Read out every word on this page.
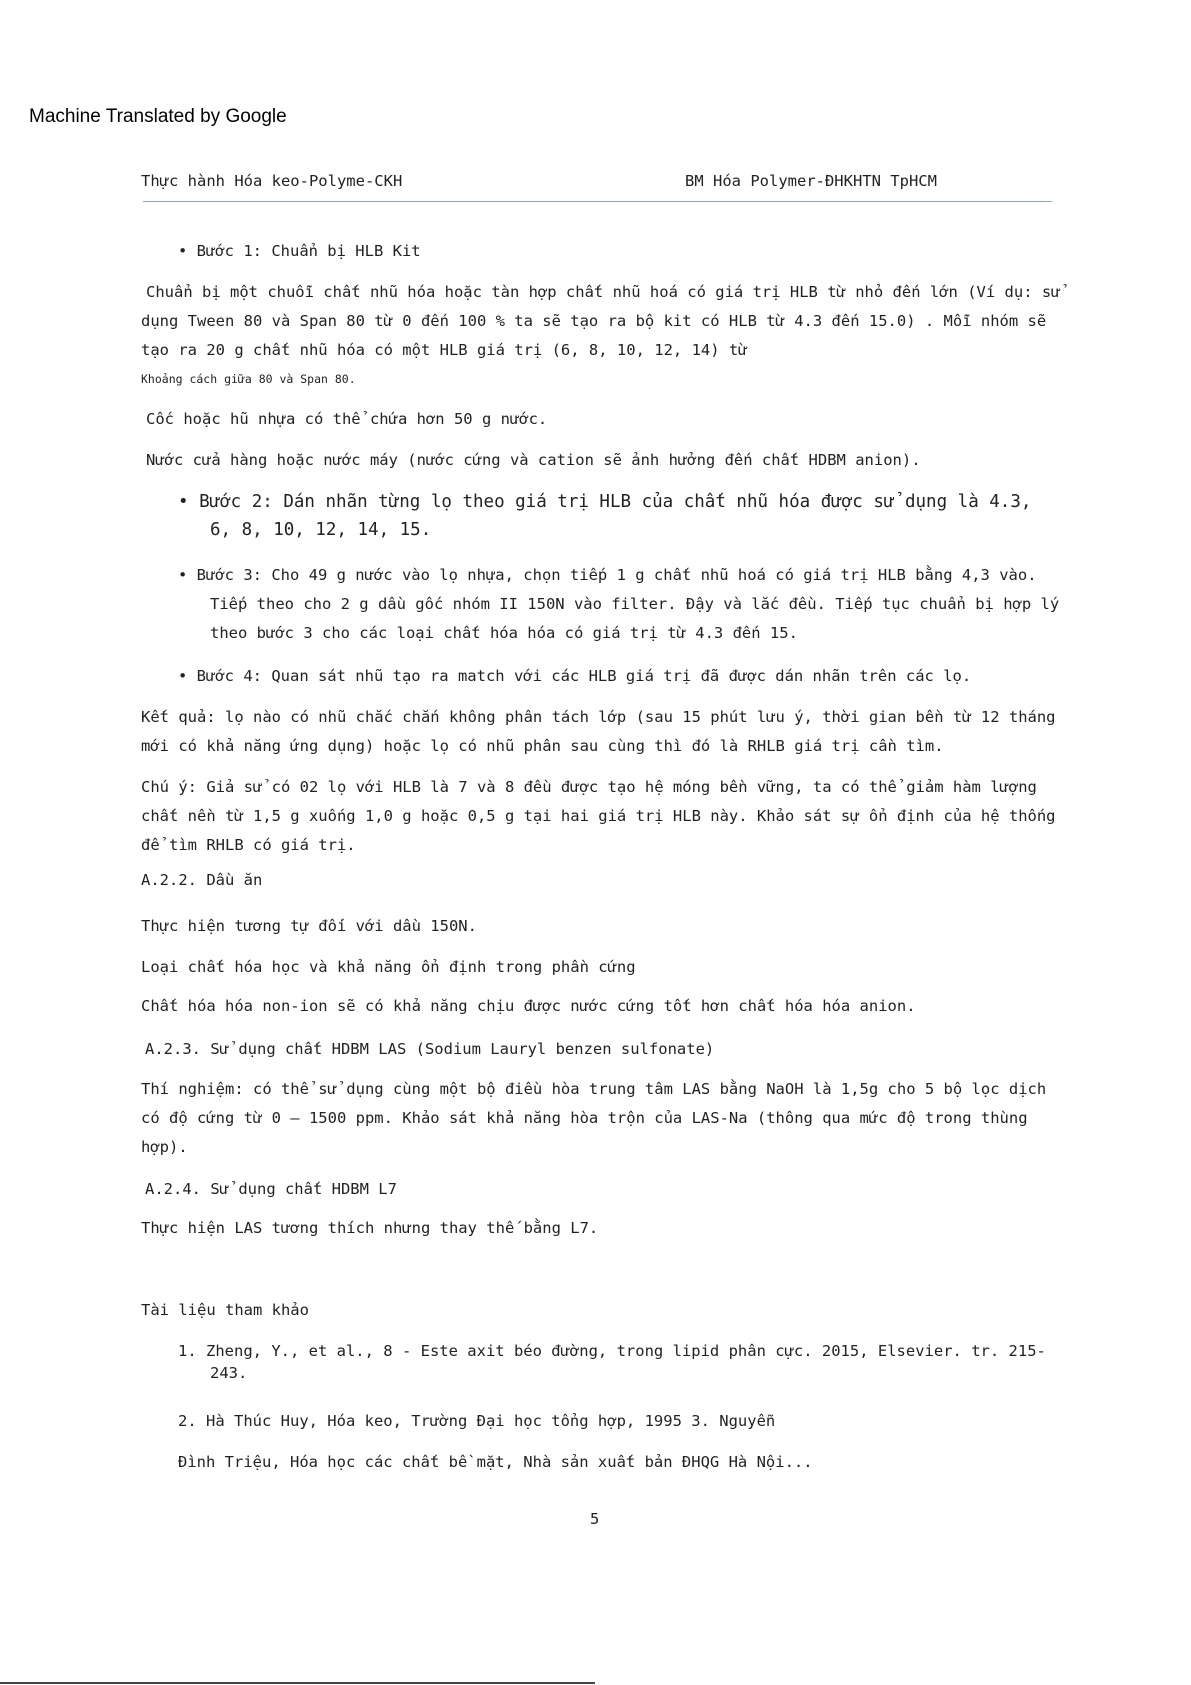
Machine Translated by Google
Thực hành Hóa keo-Polyme-CKH	BM Hóa Polymer-ĐHKHTN TpHCM
• Bước 1: Chuẩn bị HLB Kit
Chuẩn bị một chuỗi chất nhũ hóa hoặc tàn hợp chất nhũ hoá có giá trị HLB từ nhỏ đến lớn (Ví dụ: sử
dụng Tween 80 và Span 80 từ 0 đến 100 % ta sẽ tạo ra bộ kit có HLB từ 4.3 đến 15.0) . Mỗi nhóm sẽ
tạo ra 20 g chất nhũ hóa có một HLB giá trị (6, 8, 10, 12, 14) từ
Khoảng cách giữa 80 và Span 80.
Cốc hoặc hũ nhựa có thể chứa hơn 50 g nước.
Nước cửa hàng hoặc nước máy (nước cứng và cation sẽ ảnh hưởng đến chất HDBM anion).
• Bước 2: Dán nhãn từng lọ theo giá trị HLB của chất nhũ hóa được sử dụng là 4.3,
6, 8, 10, 12, 14, 15.
• Bước 3: Cho 49 g nước vào lọ nhựa, chọn tiếp 1 g chất nhũ hoá có giá trị HLB bằng 4,3 vào.
Tiếp theo cho 2 g dầu gốc nhóm II 150N vào filter. Đậy và lắc đều. Tiếp tục chuẩn bị hợp lý
theo bước 3 cho các loại chất hóa hóa có giá trị từ 4.3 đến 15.
• Bước 4: Quan sát nhũ tạo ra match với các HLB giá trị đã được dán nhãn trên các lọ.
Kết quả: lọ nào có nhũ chắc chắn không phân tách lớp (sau 15 phút lưu ý, thời gian bền từ 12 tháng
mới có khả năng ứng dụng) hoặc lọ có nhũ phân sau cùng thì đó là RHLB giá trị cần tìm.
Chú ý: Giả sử có 02 lọ với HLB là 7 và 8 đều được tạo hệ móng bền vững, ta có thể giảm hàm lượng
chất nền từ 1,5 g xuống 1,0 g hoặc 0,5 g tại hai giá trị HLB này. Khảo sát sự ổn định của hệ thống
để tìm RHLB có giá trị.
A.2.2. Dầu ăn
Thực hiện tương tự đối với dầu 150N.
Loại chất hóa học và khả năng ổn định trong phần cứng
Chất hóa hóa non-ion sẽ có khả năng chịu được nước cứng tốt hơn chất hóa hóa anion.
A.2.3. Sử dụng chất HDBM LAS (Sodium Lauryl benzen sulfonate)
Thí nghiệm: có thể sử dụng cùng một bộ điều hòa trung tâm LAS bằng NaOH là 1,5g cho 5 bộ lọc dịch
có độ cứng từ 0 – 1500 ppm. Khảo sát khả năng hòa trộn của LAS-Na (thông qua mức độ trong thùng
hợp).
A.2.4. Sử dụng chất HDBM L7
Thực hiện LAS tương thích nhưng thay thế bằng L7.
Tài liệu tham khảo
1. Zheng, Y., et al., 8 - Este axit béo đường, trong lipid phân cực. 2015, Elsevier. tr. 215-
243.
2. Hà Thúc Huy, Hóa keo, Trường Đại học tổng hợp, 1995 3. Nguyễn
Đình Triệu, Hóa học các chất bề mặt, Nhà sản xuất bản ĐHQG Hà Nội...
5
